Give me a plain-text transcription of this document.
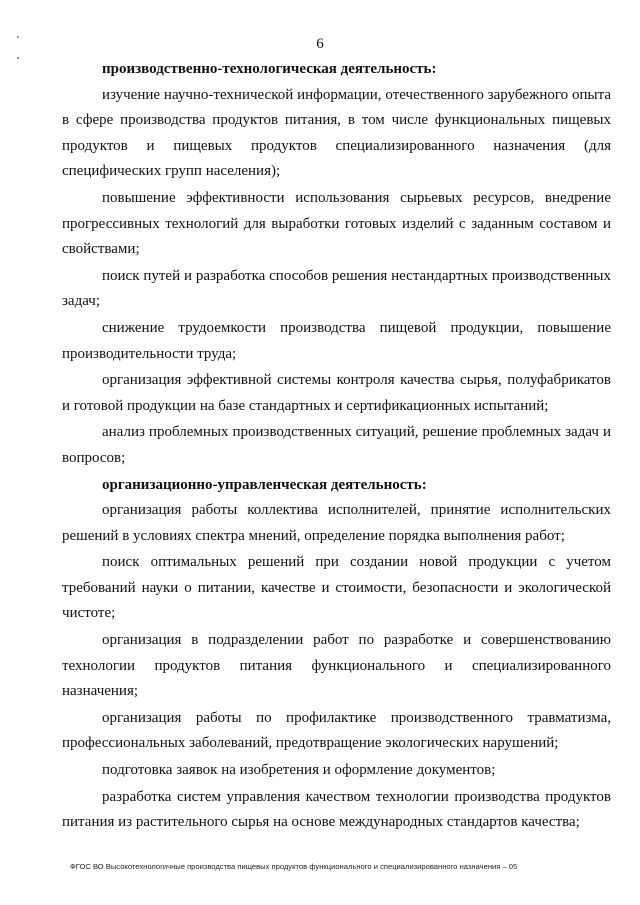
6

производственно-технологическая деятельность:

изучение научно-технической информации, отечественного зарубежного опыта в сфере производства продуктов питания, в том числе функциональных пищевых продуктов и пищевых продуктов специализированного назначения (для специфических групп населения);

повышение эффективности использования сырьевых ресурсов, внедрение прогрессивных технологий для выработки готовых изделий с заданным составом и свойствами;

поиск путей и разработка способов решения нестандартных производственных задач;

снижение трудоемкости производства пищевой продукции, повышение производительности труда;

организация эффективной системы контроля качества сырья, полуфабрикатов и готовой продукции на базе стандартных и сертификационных испытаний;

анализ проблемных производственных ситуаций, решение проблемных задач и вопросов;

организационно-управленческая деятельность:

организация работы коллектива исполнителей, принятие исполнительских решений в условиях спектра мнений, определение порядка выполнения работ;

поиск оптимальных решений при создании новой продукции с учетом требований науки о питании, качестве и стоимости, безопасности и экологической чистоте;

организация в подразделении работ по разработке и совершенствованию технологии продуктов питания функционального и специализированного назначения;

организация работы по профилактике производственного травматизма, профессиональных заболеваний, предотвращение экологических нарушений;

подготовка заявок на изобретения и оформление документов;

разработка систем управления качеством технологии производства продуктов питания из растительного сырья на основе международных стандартов качества;

ФГОС ВО Высокотехнологичные производства пищевых продуктов функционального и специализированного назначения – 05
